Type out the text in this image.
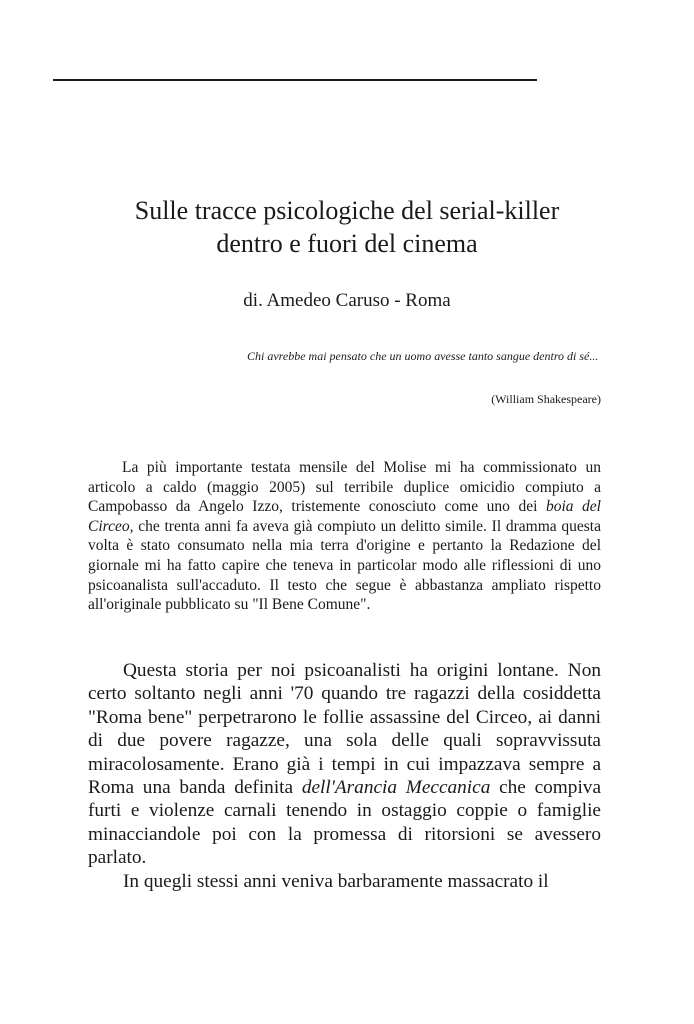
Sulle tracce psicologiche del serial-killer
dentro e fuori del cinema
di. Amedeo Caruso - Roma
Chi avrebbe mai pensato che un uomo avesse tanto sangue dentro di sé...
(William Shakespeare)

La più importante testata mensile del Molise mi ha commissionato un articolo a caldo (maggio 2005) sul terribile duplice omicidio compiuto a Campobasso da Angelo Izzo, tristemente conosciuto come uno dei boia del Circeo, che trenta anni fa aveva già compiuto un delitto simile. Il dramma questa volta è stato consumato nella mia terra d'origine e pertanto la Redazione del giornale mi ha fatto capire che teneva in particolar modo alle riflessioni di uno psicoanalista sull'accaduto. Il testo che segue è abbastanza ampliato rispetto all'originale pubblicato su "Il Bene Comune".

Questa storia per noi psicoanalisti ha origini lontane. Non certo soltanto negli anni '70 quando tre ragazzi della cosiddetta "Roma bene" perpetrarono le follie assassine del Circeo, ai danni di due povere ragazze, una sola delle quali sopravvissuta miracolosamente. Erano già i tempi in cui impazzava sempre a Roma una banda definita dell'Arancia Meccanica che compiva furti e violenze carnali tenendo in ostaggio coppie o famiglie minacciandole poi con la promessa di ritorsioni se avessero parlato.

In quegli stessi anni veniva barbaramente massacrato il
